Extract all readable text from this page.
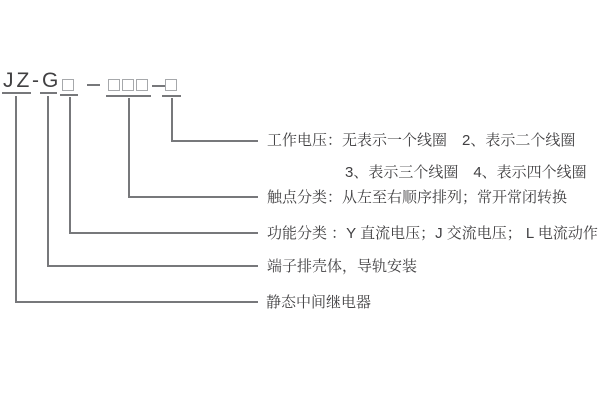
JZ - G
工作电压：无表示一个线圈　2、表示二个线圈
3、表示三个线圈　4、表示四个线圈
触点分类：从左至右顺序排列；常开常闭转换
功能分类 ：Y 直流电压；J 交流电压； L 电流动作
端子排壳体，导轨安装
静态中间继电器
